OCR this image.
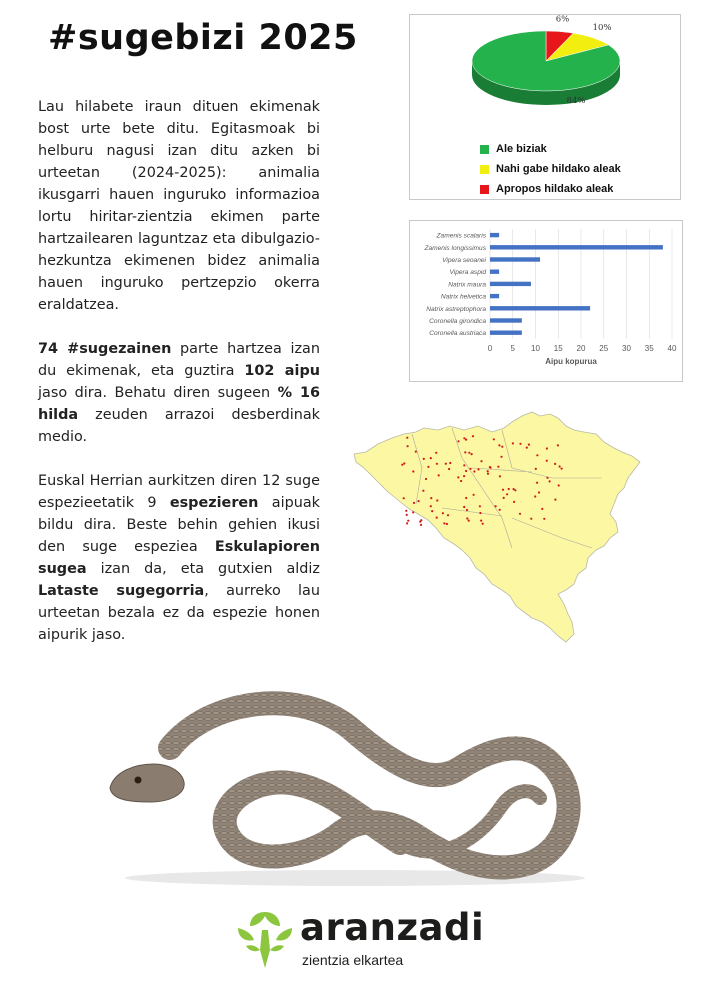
#sugebizi 2025

Lau hilabete iraun dituen ekimenak bost urte bete ditu. Egitasmoak bi helburu nagusi izan ditu azken bi urteetan (2024-2025): animalia ikusgarri hauen inguruko informazioa lortu hiritar-zientzia ekimen parte hartzailearen laguntzaz eta dibulgazio-hezkuntza ekimenen bidez animalia hauen inguruko pertzepzio okerra eraldatzea.

74 #sugezainen parte hartzea izan du ekimenak, eta guztira 102 aipu jaso dira. Behatu diren sugeen % 16 hilda zeuden arrazoi desberdinak medio.

Euskal Herrian aurkitzen diren 12 suge espezieetatik 9 espezieren aipuak bildu dira. Beste behin gehien ikusi den suge espeziea Eskulapioren sugea izan da, eta gutxien aldiz Lataste sugegorria, aurreko lau urteetan bezala ez da espezie honen aipurik jaso.

84%
10%
6%
Ale biziak
Nahi gabe hildako aleak
Apropos hildako aleak
0 5 10 15 20 25 30 35 40
Zamenis scalaris
Zamenis longissimus
Vipera seoanei
Vipera aspid
Natrix maura
Natrix helvetica
Natrix astreptophora
Coronella girondica
Coronella austriaca
Aipu kopurua
aranzadi
zientzia elkartea
